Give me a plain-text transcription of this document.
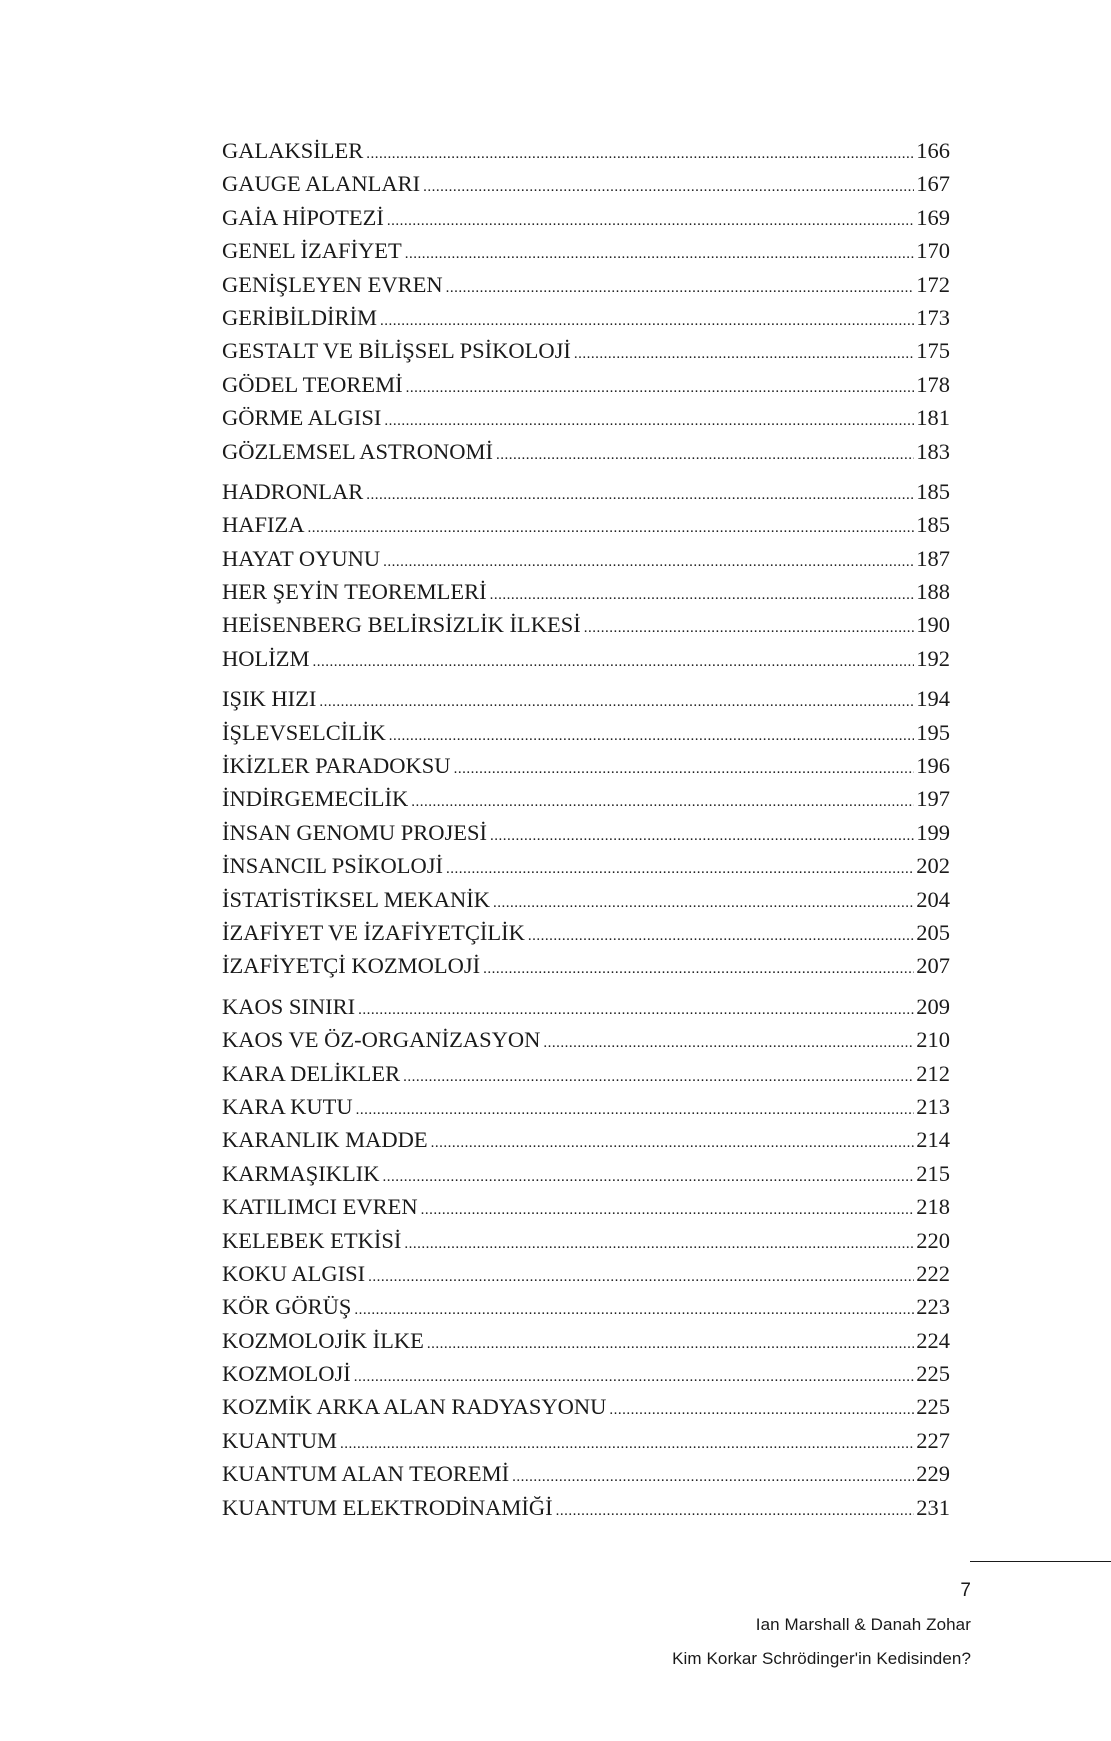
GALAKSİLER .....	166
GAUGE ALANLARI .....	167
GAİA HİPOTEZİ .....	169
GENEL İZAFİYET .....	170
GENİŞLEYEN EVREN .....	172
GERİBİLDİRİM .....	173
GESTALT VE BİLİŞSEL PSİKOLOJİ .....	175
GÖDEL TEOREMİ .....	178
GÖRME ALGISI .....	181
GÖZLEMSEL ASTRONOMİ .....	183
HADRONLAR .....	185
HAFIZA .....	185
HAYAT OYUNU .....	187
HER ŞEYİN TEOREMLERİ .....	188
HEİSENBERG BELİRSİZLİK İLKESİ .....	190
HOLİZM .....	192
IŞIK HIZI .....	194
İŞLEVSELCİLİK .....	195
İKİZLER PARADOKSU .....	196
İNDİRGEMECİLİK .....	197
İNSAN GENOMU PROJESİ .....	199
İNSANCIL PSİKOLOJİ .....	202
İSTATİSTİKSEL MEKANİK .....	204
İZAFİYET VE İZAFİYETÇİLİK .....	205
İZAFİYETÇİ KOZMOLOJİ .....	207
KAOS SINIRI .....	209
KAOS VE ÖZ-ORGANİZASYON .....	210
KARA DELİKLER .....	212
KARA KUTU .....	213
KARANLIK MADDE .....	214
KARMAŞIKLIK .....	215
KATILIMCI EVREN .....	218
KELEBEK ETKİSİ .....	220
KOKU ALGISI .....	222
KÖR GÖRÜŞ .....	223
KOZMOLOJİK İLKE .....	224
KOZMOLOJİ .....	225
KOZMİK ARKA ALAN RADYASYONU .....	225
KUANTUM .....	227
KUANTUM ALAN TEOREMİ .....	229
KUANTUM ELEKTRODİNAMİĞİ .....	231
7
Ian Marshall & Danah Zohar
Kim Korkar Schrödinger'in Kedisinden?
